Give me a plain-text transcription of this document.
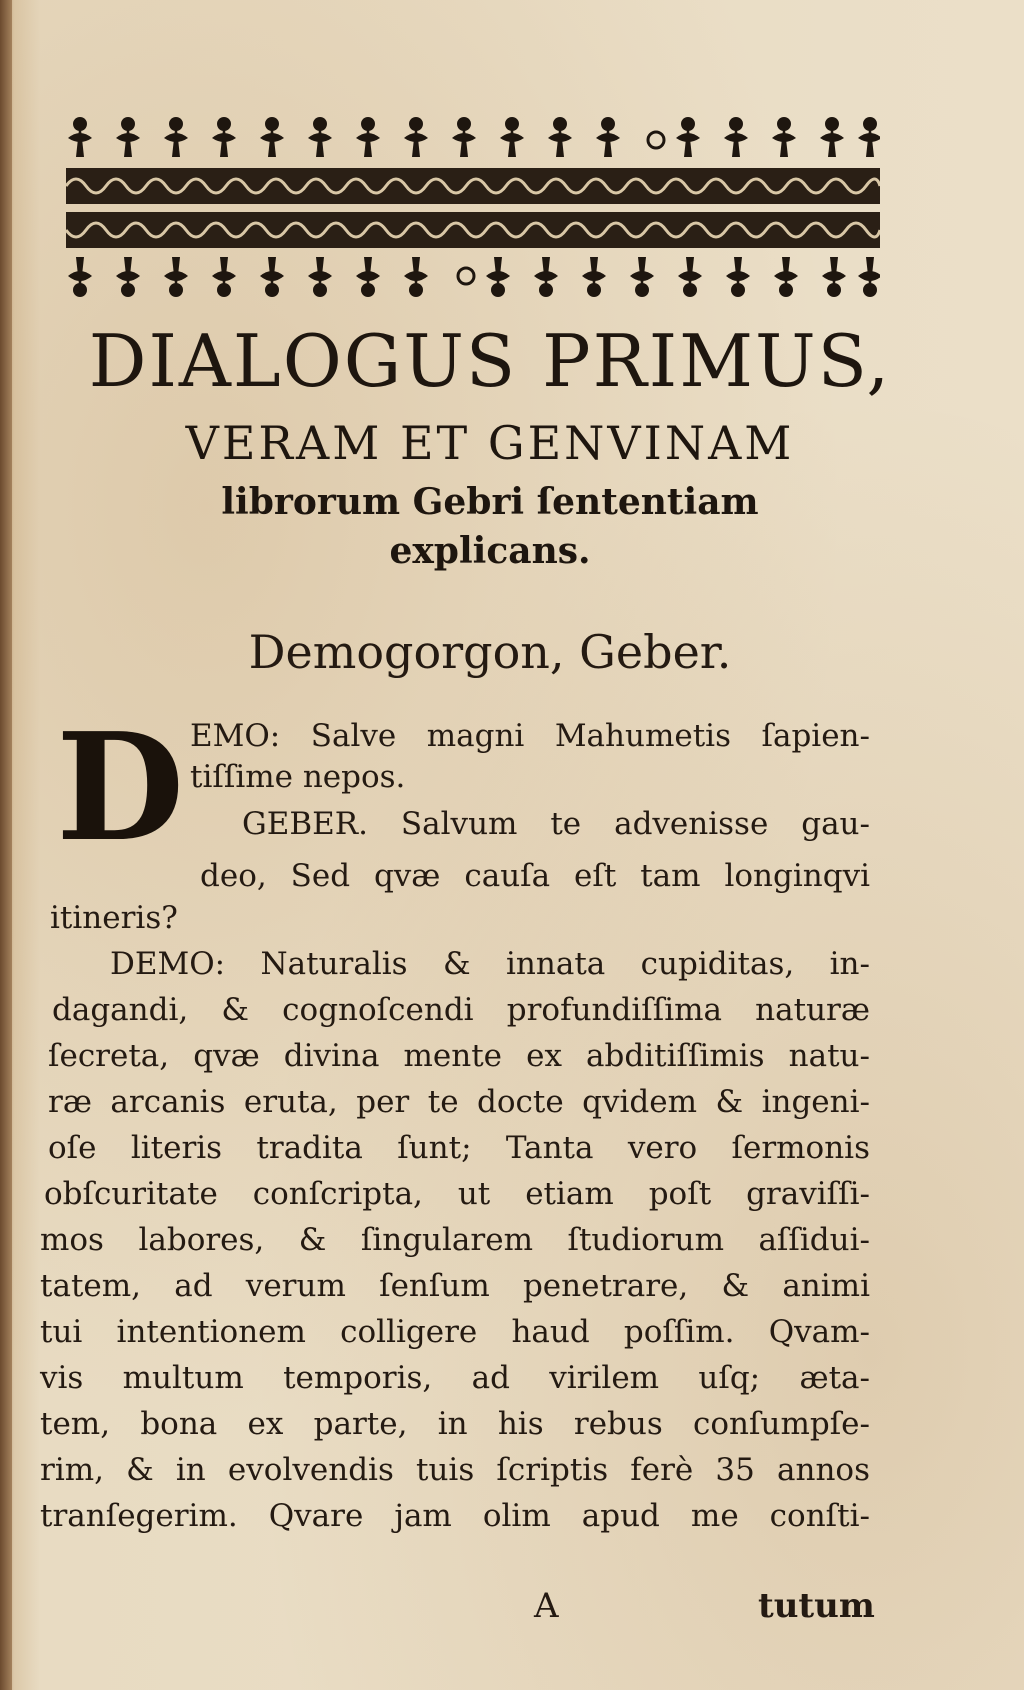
DIALOGUS PRIMUS,
VERAM ET GENVINAM
librorum Gebri ſententiam
explicans.
Demogorgon, Geber.
D EMO: Salve magni Mahumetis ſapien-
tiſſime nepos.
GEBER. Salvum te advenisse gau-
deo, Sed qvæ cauſa eſt tam longinqvi
itineris?
DEMO: Naturalis & innata cupiditas, in-
dagandi, & cognoſcendi profundiſſima naturæ
ſecreta, qvæ divina mente ex abditiſſimis natu-
ræ arcanis eruta, per te docte qvidem & ingeni-
oſe literis tradita ſunt; Tanta vero ſermonis
obſcuritate conſcripta, ut etiam poſt graviſſi-
mos labores, & ſingularem ſtudiorum aſſidui-
tatem, ad verum ſenſum penetrare, & animi
tui intentionem colligere haud poſſim. Qvam-
vis multum temporis, ad virilem uſq; æta-
tem, bona ex parte, in his rebus conſumpſe-
rim, & in evolvendis tuis ſcriptis ferè 35 annos
tranſegerim. Qvare jam olim apud me conſti-
A	tutum
